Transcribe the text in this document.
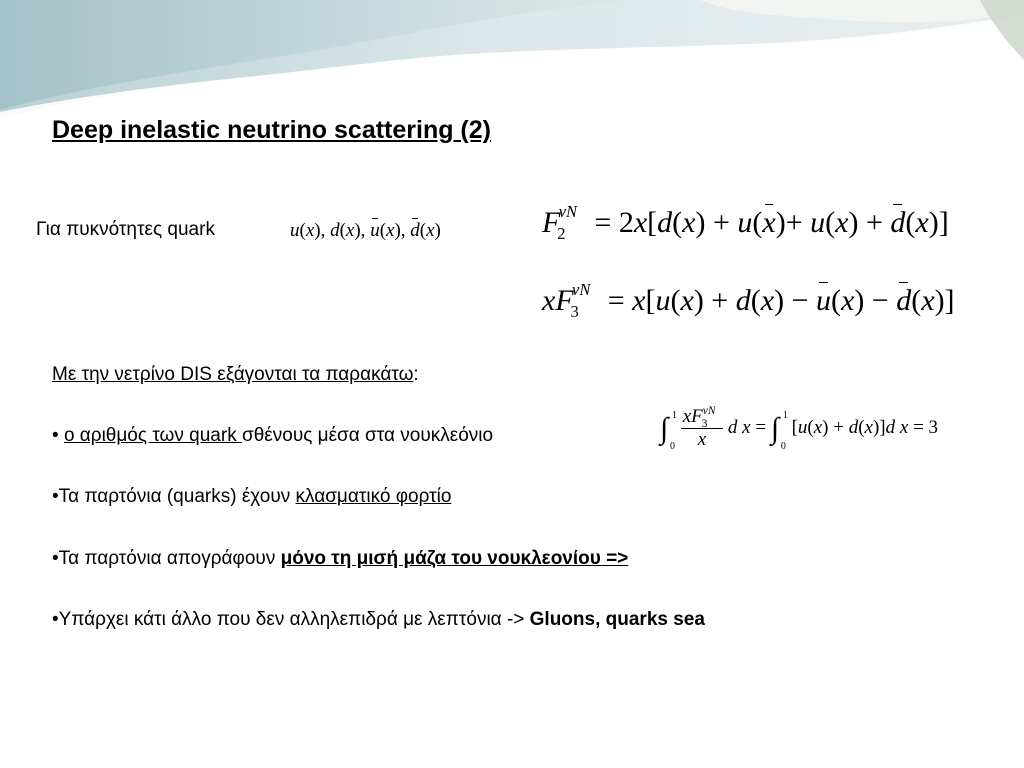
Deep inelastic neutrino scattering (2)
Για πυκνότητες quark	u(x), d(x), u(x), d(x)	$F^{vN}_2 = 2x[d(x) + u(x)+ u(x) + d(x)]$
$xF^{vN}_3 = x[u(x) + d(x) - u(x) - d(x)]$
Με την νετρίνο DIS εξάγονται τα παρακάτω:
• ο αριθμός των quark σθένους μέσα στα νουκλεόνιο	∫ 1
0
$\frac{xF^{vN}_3}{x}$ d x = ∫ 1
0
[u(x) + d(x)]d x = 3
•Τα παρτόνια (quarks) έχουν κλασματικό φορτίο
•Τα παρτόνια απογράφουν μόνο τη μισή μάζα του νουκλεονίου =>
•Υπάρχει κάτι άλλο που δεν αλληλεπιδρά με λεπτόνια -> Gluons, quarks sea
